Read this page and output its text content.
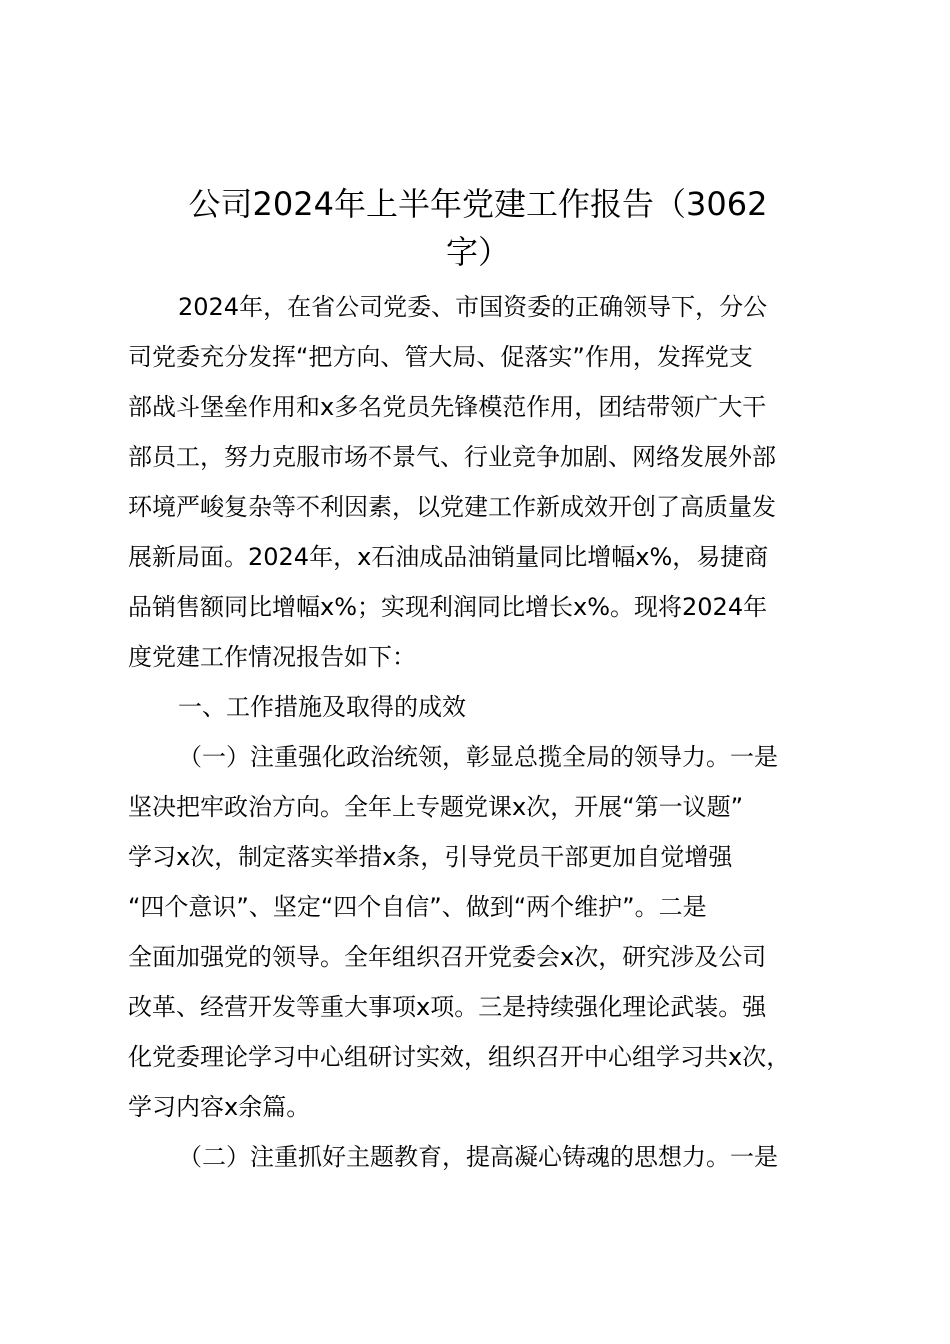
公司2024年上半年党建工作报告（3062
字）
2024年，在省公司党委、市国资委的正确领导下，分公
司党委充分发挥“把方向、管大局、促落实”作用，发挥党支
部战斗堡垒作用和x多名党员先锋模范作用，团结带领广大干
部员工，努力克服市场不景气、行业竞争加剧、网络发展外部
环境严峻复杂等不利因素，以党建工作新成效开创了高质量发
展新局面。2024年，x石油成品油销量同比增幅x%，易捷商
品销售额同比增幅x%；实现利润同比增长x%。现将2024年
度党建工作情况报告如下：
一、工作措施及取得的成效
（一）注重强化政治统领，彰显总揽全局的领导力。一是
坚决把牢政治方向。全年上专题党课x次，开展“第一议题”
学习x次，制定落实举措x条，引导党员干部更加自觉增强
“四个意识”、坚定“四个自信”、做到“两个维护”。二是
全面加强党的领导。全年组织召开党委会x次，研究涉及公司
改革、经营开发等重大事项x项。三是持续强化理论武装。强
化党委理论学习中心组研讨实效，组织召开中心组学习共x次，
学习内容x余篇。
（二）注重抓好主题教育，提高凝心铸魂的思想力。一是
